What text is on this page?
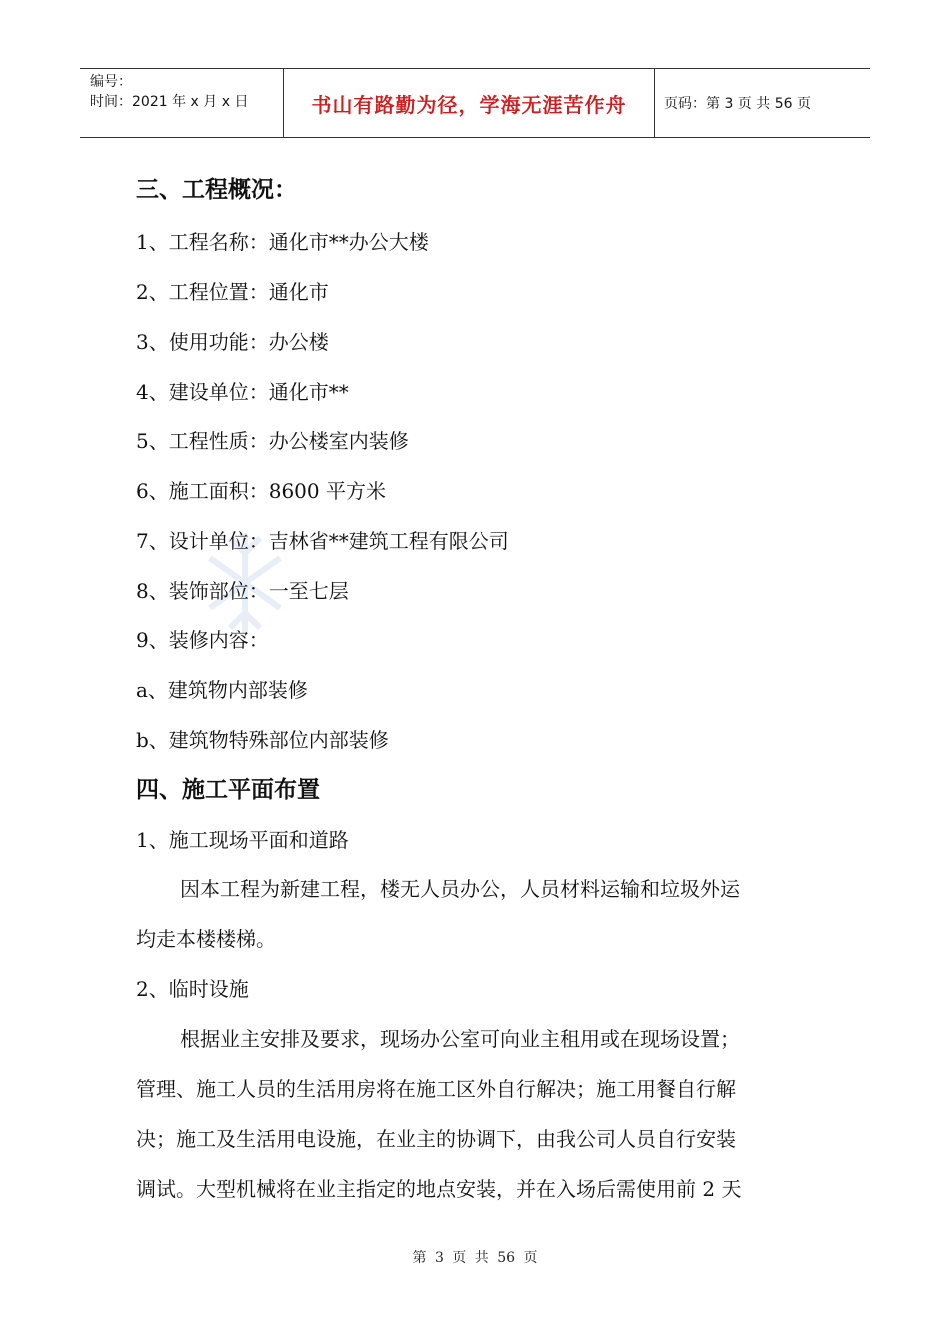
编号：
时间：2021 年 x 月 x 日	书山有路勤为径，学海无涯苦作舟	页码：第 3 页 共 56 页
三、工程概况：
1、工程名称：通化市**办公大楼
2、工程位置：通化市
3、使用功能：办公楼
4、建设单位：通化市**
5、工程性质：办公楼室内装修
6、施工面积：8600 平方米
7、设计单位：吉林省**建筑工程有限公司
8、装饰部位：一至七层
9、装修内容：
a、建筑物内部装修
b、建筑物特殊部位内部装修
四、施工平面布置
1、施工现场平面和道路
因本工程为新建工程，楼无人员办公，人员材料运输和垃圾外运
均走本楼楼梯。
2、临时设施
根据业主安排及要求，现场办公室可向业主租用或在现场设置；
管理、施工人员的生活用房将在施工区外自行解决；施工用餐自行解
决；施工及生活用电设施，在业主的协调下，由我公司人员自行安装
调试。大型机械将在业主指定的地点安装，并在入场后需使用前 2 天
第 3 页 共 56 页
